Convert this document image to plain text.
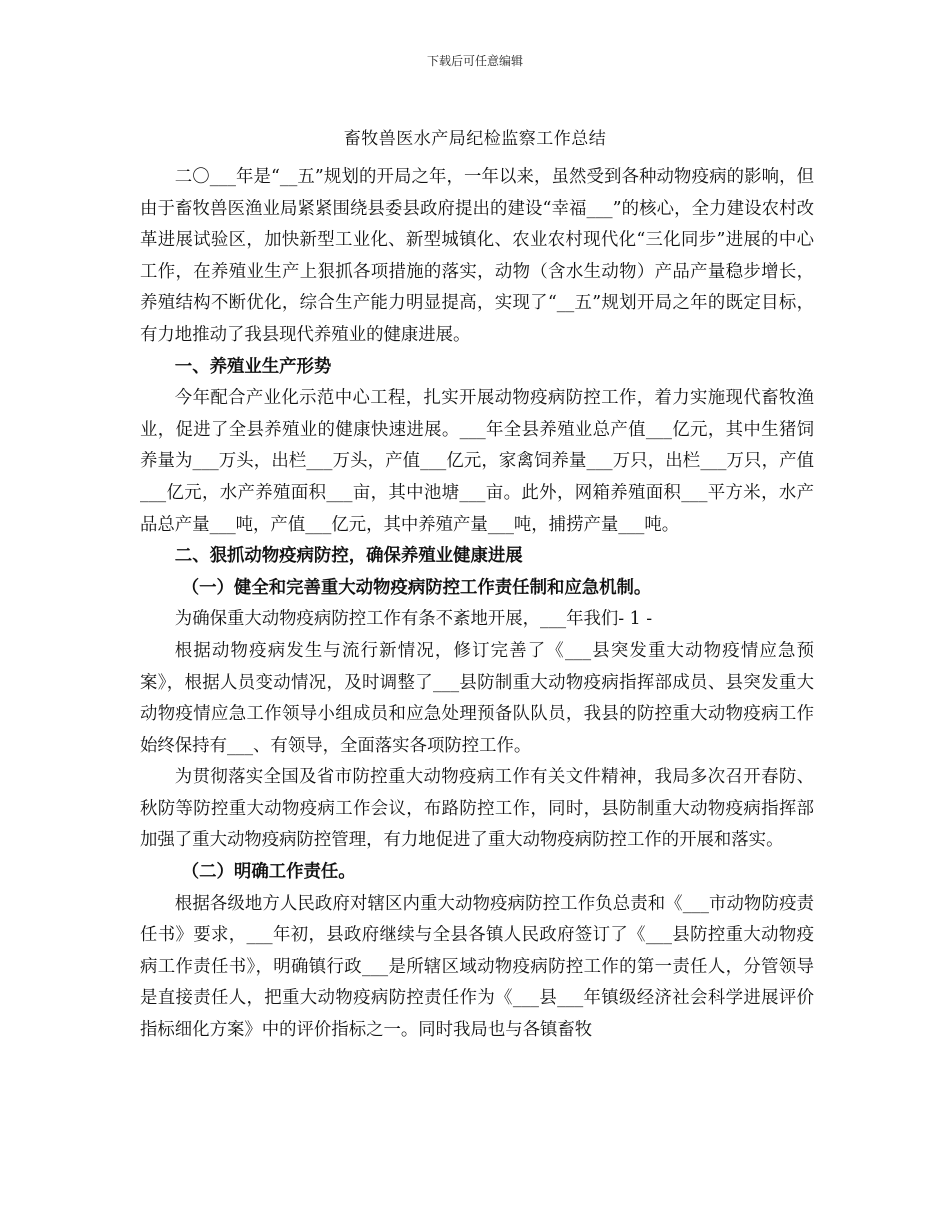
下载后可任意编辑
畜牧兽医水产局纪检监察工作总结

二〇___年是“__五”规划的开局之年，一年以来，虽然受到各种动物疫病的影响，但由于畜牧兽医渔业局紧紧围绕县委县政府提出的建设“幸福___”的核心，全力建设农村改革进展试验区，加快新型工业化、新型城镇化、农业农村现代化“三化同步”进展的中心工作，在养殖业生产上狠抓各项措施的落实，动物（含水生动物）产品产量稳步增长，养殖结构不断优化，综合生产能力明显提高，实现了“__五”规划开局之年的既定目标，有力地推动了我县现代养殖业的健康进展。

一、养殖业生产形势

今年配合产业化示范中心工程，扎实开展动物疫病防控工作，着力实施现代畜牧渔业，促进了全县养殖业的健康快速进展。___年全县养殖业总产值___亿元，其中生猪饲养量为___万头，出栏___万头，产值___亿元，家禽饲养量___万只，出栏___万只，产值___亿元，水产养殖面积___亩，其中池塘___亩。此外，网箱养殖面积___平方米，水产品总产量___吨，产值___亿元，其中养殖产量___吨，捕捞产量___吨。

二、狠抓动物疫病防控，确保养殖业健康进展

（一）健全和完善重大动物疫病防控工作责任制和应急机制。

为确保重大动物疫病防控工作有条不紊地开展，___年我们- 1 -

根据动物疫病发生与流行新情况，修订完善了《___县突发重大动物疫情应急预案》，根据人员变动情况，及时调整了___县防制重大动物疫病指挥部成员、县突发重大动物疫情应急工作领导小组成员和应急处理预备队队员，我县的防控重大动物疫病工作始终保持有___、有领导，全面落实各项防控工作。

为贯彻落实全国及省市防控重大动物疫病工作有关文件精神，我局多次召开春防、秋防等防控重大动物疫病工作会议，布路防控工作，同时，县防制重大动物疫病指挥部加强了重大动物疫病防控管理，有力地促进了重大动物疫病防控工作的开展和落实。

（二）明确工作责任。

根据各级地方人民政府对辖区内重大动物疫病防控工作负总责和《___市动物防疫责任书》要求，___年初，县政府继续与全县各镇人民政府签订了《___县防控重大动物疫病工作责任书》，明确镇行政___是所辖区域动物疫病防控工作的第一责任人，分管领导是直接责任人，把重大动物疫病防控责任作为《___县___年镇级经济社会科学进展评价指标细化方案》中的评价指标之一。同时我局也与各镇畜牧
